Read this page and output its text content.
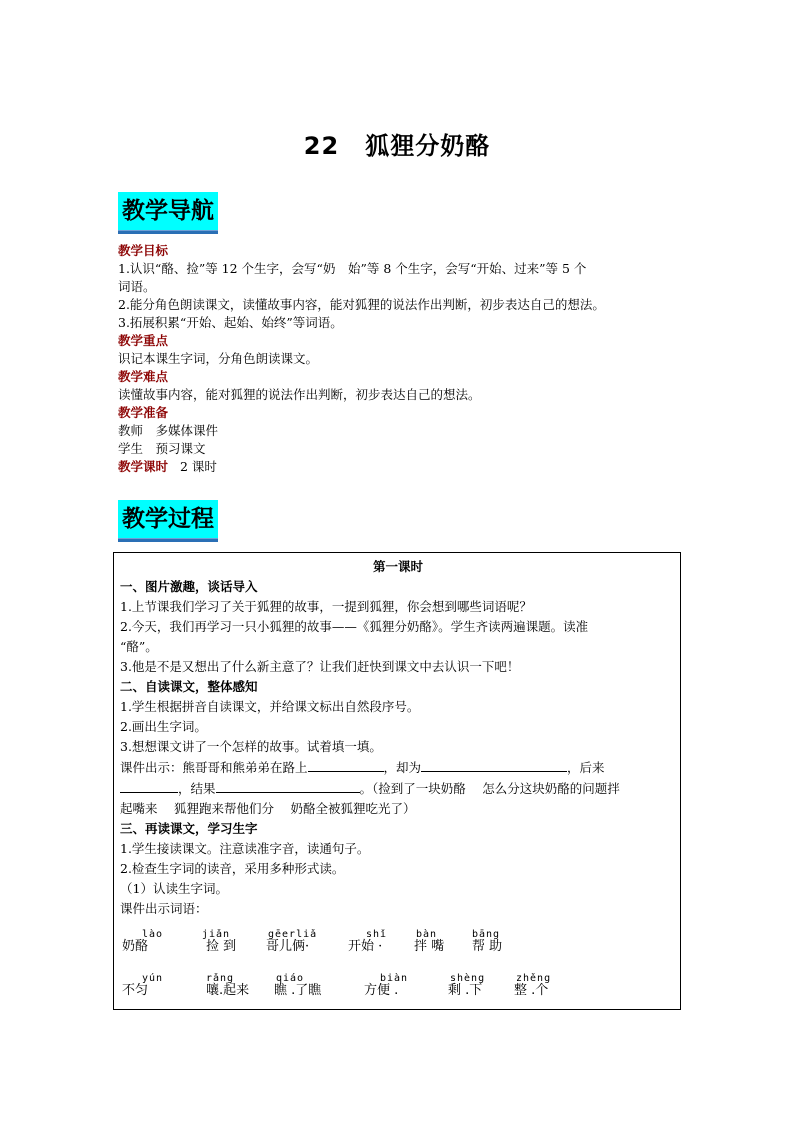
22 狐狸分奶酪
教学导航
教学目标
1.认识“酪、捡”等 12 个生字，会写“奶　始”等 8 个生字，会写“开始、过来”等 5 个
词语。
2.能分角色朗读课文，读懂故事内容，能对狐狸的说法作出判断，初步表达自己的想法。
3.拓展积累“开始、起始、始终”等词语。
教学重点
识记本课生字词，分角色朗读课文。
教学难点
读懂故事内容，能对狐狸的说法作出判断，初步表达自己的想法。
教学准备
教师　多媒体课件
学生　预习课文
教学课时 2 课时
教学过程
第一课时
一、图片激趣，谈话导入
1.上节课我们学习了关于狐狸的故事，一提到狐狸，你会想到哪些词语呢？
2.今天，我们再学习一只小狐狸的故事——《狐狸分奶酪》。学生齐读两遍课题。读准
“酪”。
3.他是不是又想出了什么新主意了？让我们赶快到课文中去认识一下吧！
二、自读课文，整体感知
1.学生根据拼音自读课文，并给课文标出自然段序号。
2.画出生字词。
3.想想课文讲了一个怎样的故事。试着填一填。
课件出示：熊哥哥和熊弟弟在路上	，却为	，后来
，结果	。（捡到了一块奶酪　 怎么分这块奶酪的问题拌
起嘴来　 狐狸跑来帮他们分　 奶酪全被狐狸吃光了）
三、再读课文，学习生字
1.学生接读课文。注意读准字音，读通句子。
2.检查生字词的读音，采用多种形式读。
（1）认读生字词。
课件出示词语：
lào
奶酪
jiǎn
捡 到
gēerliǎ
哥儿俩·
shǐ
开始 ·
bàn
拌 嘴
bāng
帮 助
yún
不匀
rǎng
嚷.起来
qiáo
瞧 .了瞧
biàn
方便 .
shèng
剩 .下
zhěng
整 .个
